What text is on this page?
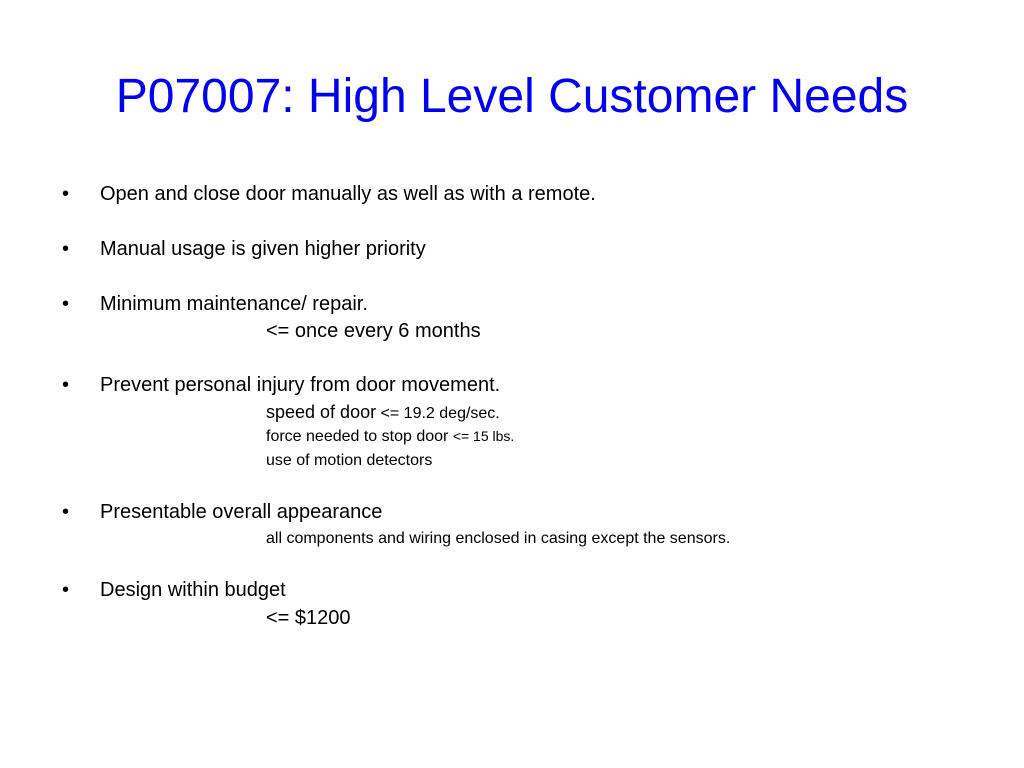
P07007: High Level Customer Needs
• Open and close door manually as well as with a remote.
• Manual usage is given higher priority
• Minimum maintenance/ repair.
<= once every 6 months
• Prevent personal injury from door movement.
speed of door <= 19.2 deg/sec.
force needed to stop door <= 15 lbs.
use of motion detectors
• Presentable overall appearance
all components and wiring enclosed in casing except the sensors.
• Design within budget
<= $1200
